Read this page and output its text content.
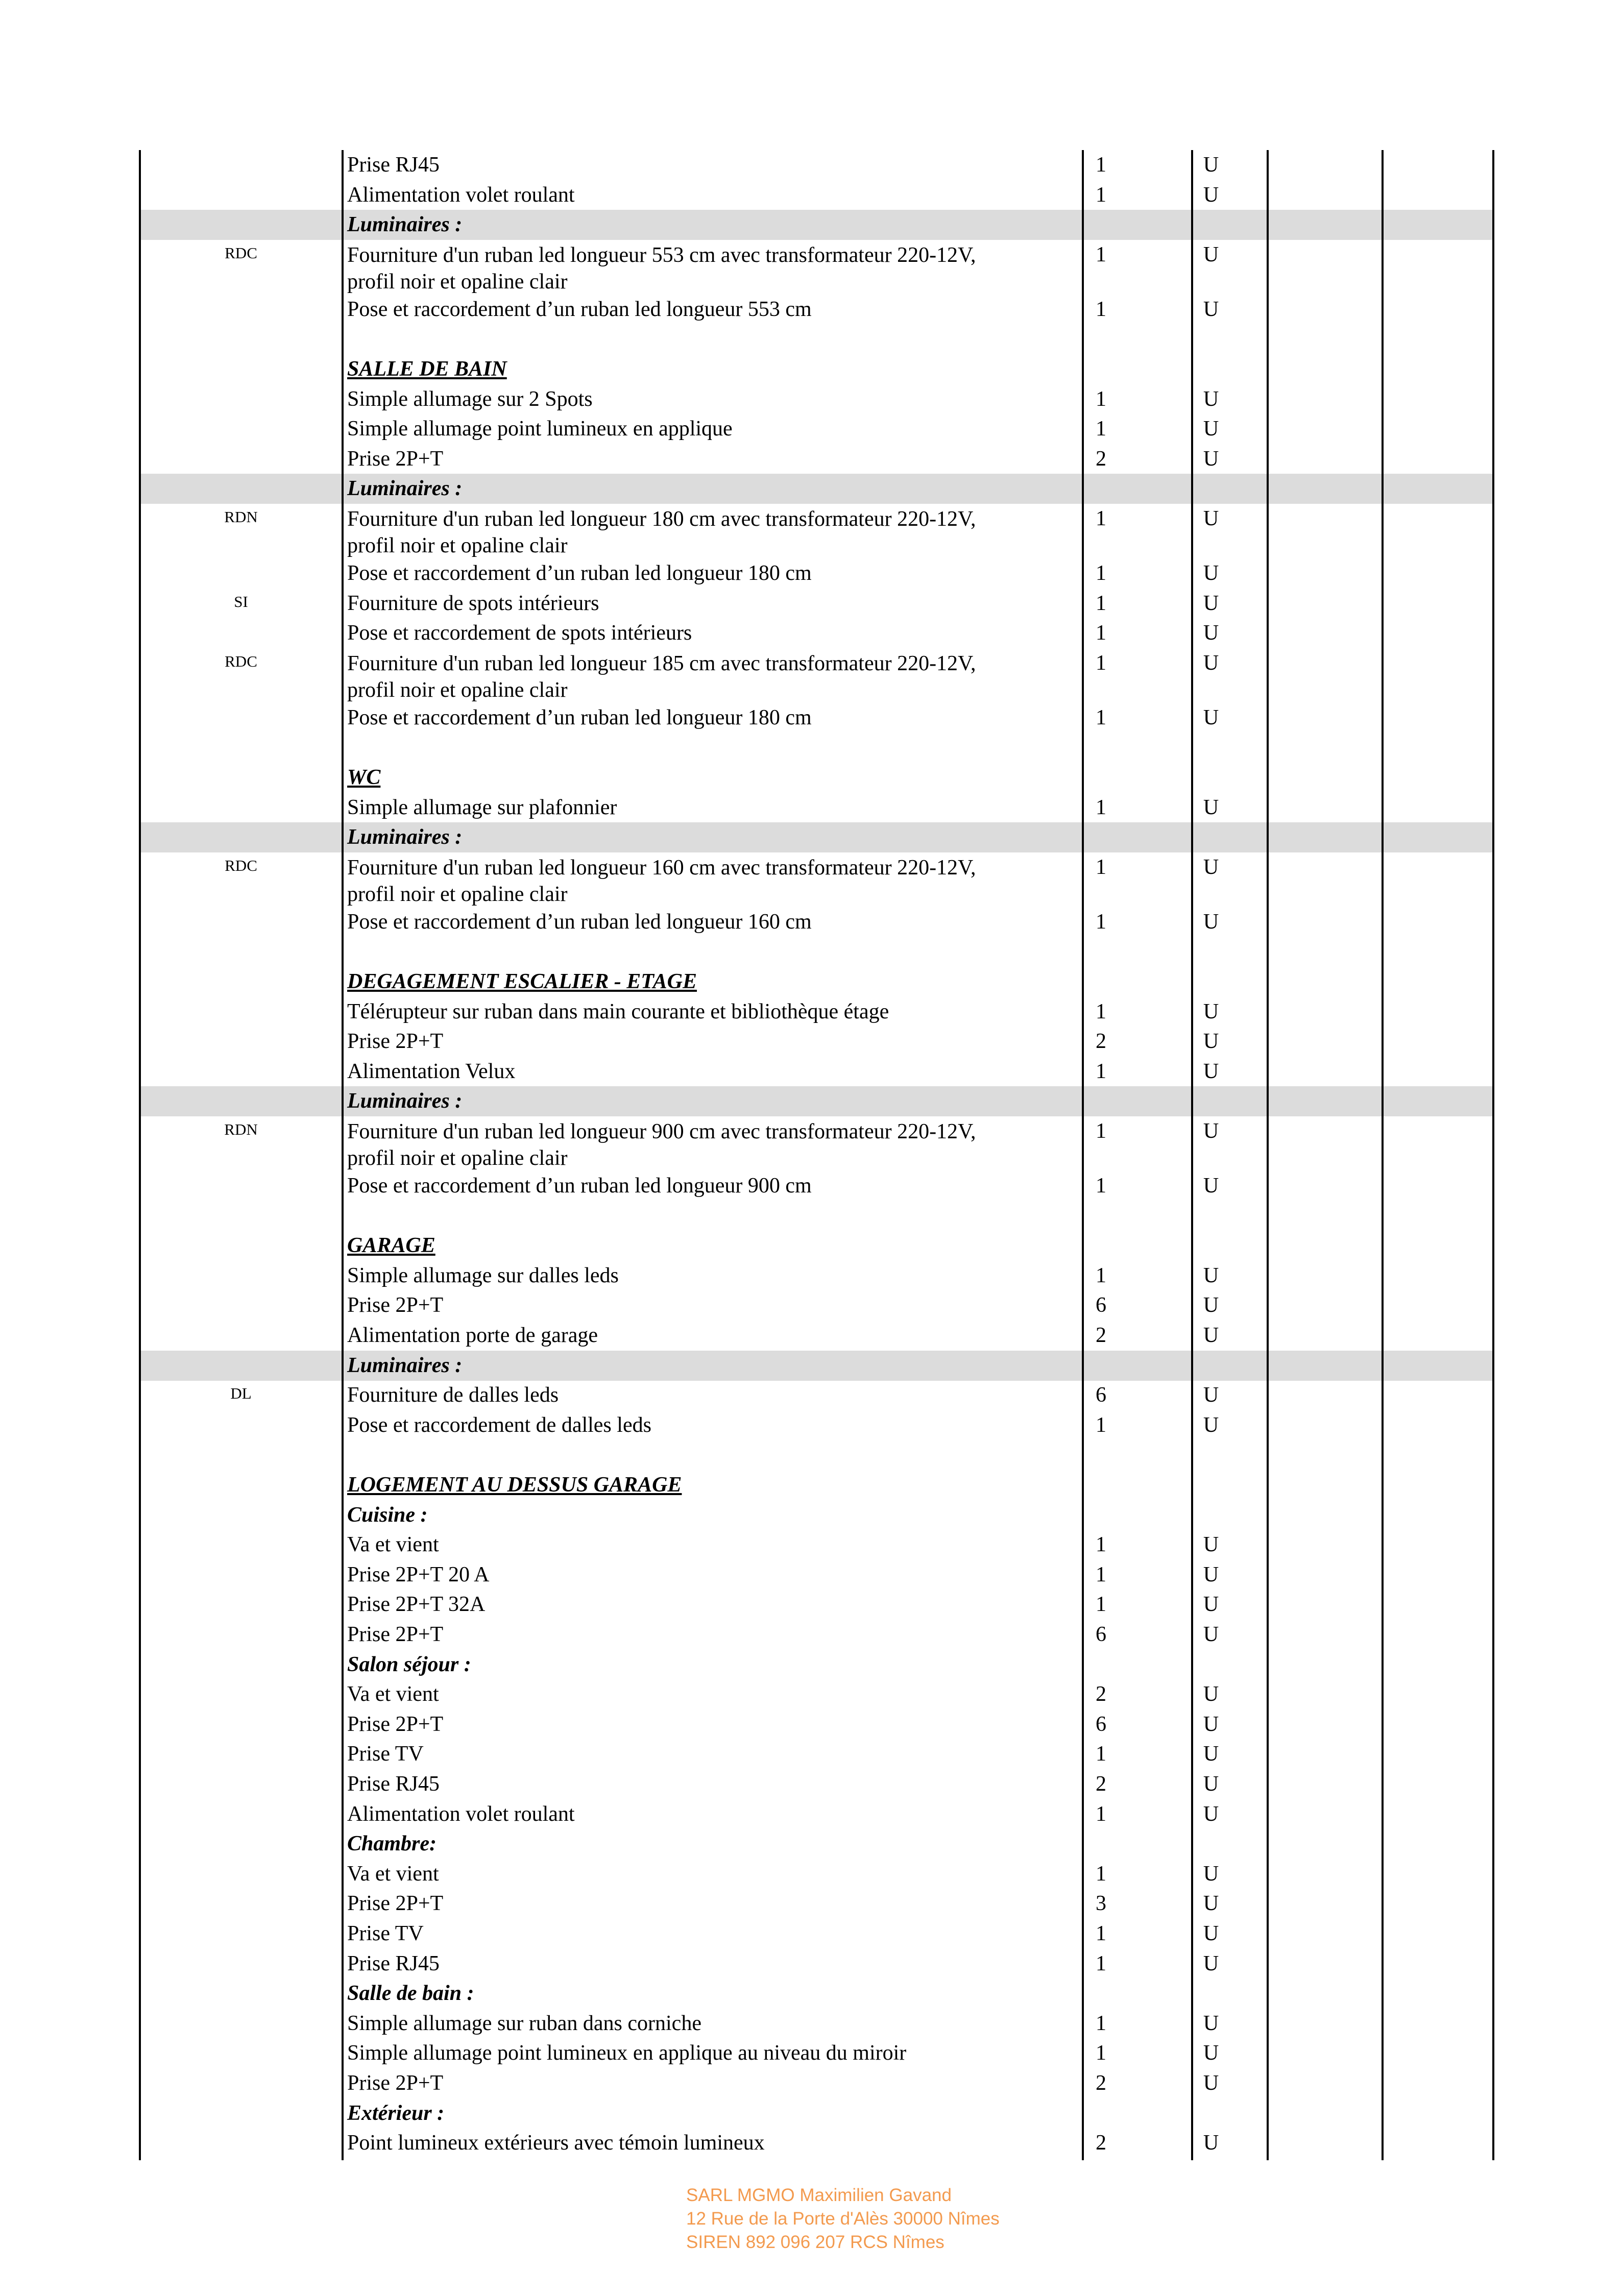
Prise RJ45	1	U
Alimentation volet roulant	1	U
Luminaires :
RDC	Fourniture d'un ruban led longueur 553 cm avec transformateur 220-12V,
profil noir et opaline clair
1	U
Pose et raccordement d’un ruban led longueur 553 cm	1	U
SALLE DE BAIN
Simple allumage sur 2 Spots	1	U
Simple allumage point lumineux en applique	1	U
Prise 2P+T	2	U
Luminaires :
RDN	Fourniture d'un ruban led longueur 180 cm avec transformateur 220-12V,
profil noir et opaline clair
1	U
Pose et raccordement d’un ruban led longueur 180 cm	1	U
SI	Fourniture de spots intérieurs	1	U
Pose et raccordement de spots intérieurs	1	U
RDC	Fourniture d'un ruban led longueur 185 cm avec transformateur 220-12V,
profil noir et opaline clair
1	U
Pose et raccordement d’un ruban led longueur 180 cm	1	U
WC
Simple allumage sur plafonnier	1	U
Luminaires :
RDC	Fourniture d'un ruban led longueur 160 cm avec transformateur 220-12V,
profil noir et opaline clair
1	U
Pose et raccordement d’un ruban led longueur 160 cm	1	U
DEGAGEMENT ESCALIER - ETAGE
Télérupteur sur ruban dans main courante et bibliothèque étage	1	U
Prise 2P+T	2	U
Alimentation Velux	1	U
Luminaires :
RDN	Fourniture d'un ruban led longueur 900 cm avec transformateur 220-12V,
profil noir et opaline clair
1	U
Pose et raccordement d’un ruban led longueur 900 cm	1	U
GARAGE
Simple allumage sur dalles leds	1	U
Prise 2P+T	6	U
Alimentation porte de garage	2	U
Luminaires :
DL	Fourniture de dalles leds	6	U
Pose et raccordement de dalles leds	1	U
LOGEMENT AU DESSUS GARAGE
Cuisine :
Va et vient	1	U
Prise 2P+T 20 A	1	U
Prise 2P+T 32A	1	U
Prise 2P+T	6	U
Salon séjour :
Va et vient	2	U
Prise 2P+T	6	U
Prise TV	1	U
Prise RJ45	2	U
Alimentation volet roulant	1	U
Chambre:
Va et vient	1	U
Prise 2P+T	3	U
Prise TV	1	U
Prise RJ45	1	U
Salle de bain :
Simple allumage sur ruban dans corniche	1	U
Simple allumage point lumineux en applique au niveau du miroir	1	U
Prise 2P+T	2	U
Extérieur :
Point lumineux extérieurs avec témoin lumineux	2	U
SARL MGMO Maximilien Gavand
12 Rue de la Porte d'Alès 30000 Nîmes
SIREN 892 096 207 RCS Nîmes
